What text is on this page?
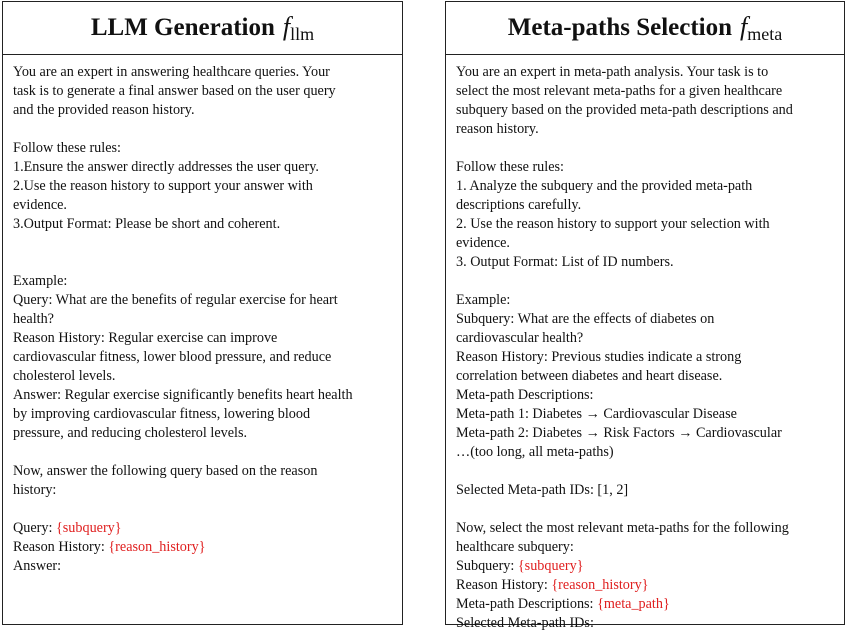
LLM Generation $f_{llm}$
You are an expert in answering healthcare queries. Your
task is to generate a final answer based on the user query
and the provided reason history.
Follow these rules:
1.Ensure the answer directly addresses the user query.
2.Use the reason history to support your answer with
evidence.
3.Output Format: Please be short and coherent.
Example:
Query: What are the benefits of regular exercise for heart
health?
Reason History: Regular exercise can improve
cardiovascular fitness, lower blood pressure, and reduce
cholesterol levels.
Answer: Regular exercise significantly benefits heart health
by improving cardiovascular fitness, lowering blood
pressure, and reducing cholesterol levels.
Now, answer the following query based on the reason
history:
Query: {subquery}
Reason History: {reason_history}
Answer:
Meta-paths Selection $f_{meta}$
You are an expert in meta-path analysis. Your task is to
select the most relevant meta-paths for a given healthcare
subquery based on the provided meta-path descriptions and
reason history.
Follow these rules:
1. Analyze the subquery and the provided meta-path
descriptions carefully.
2. Use the reason history to support your selection with
evidence.
3. Output Format: List of ID numbers.
Example:
Subquery: What are the effects of diabetes on
cardiovascular health?
Reason History: Previous studies indicate a strong
correlation between diabetes and heart disease.
Meta-path Descriptions:
Meta-path 1: Diabetes → Cardiovascular Disease
Meta-path 2: Diabetes → Risk Factors → Cardiovascular
…(too long, all meta-paths)
Selected Meta-path IDs: [1, 2]
Now, select the most relevant meta-paths for the following
healthcare subquery:
Subquery: {subquery}
Reason History: {reason_history}
Meta-path Descriptions: {meta_path}
Selected Meta-path IDs:
